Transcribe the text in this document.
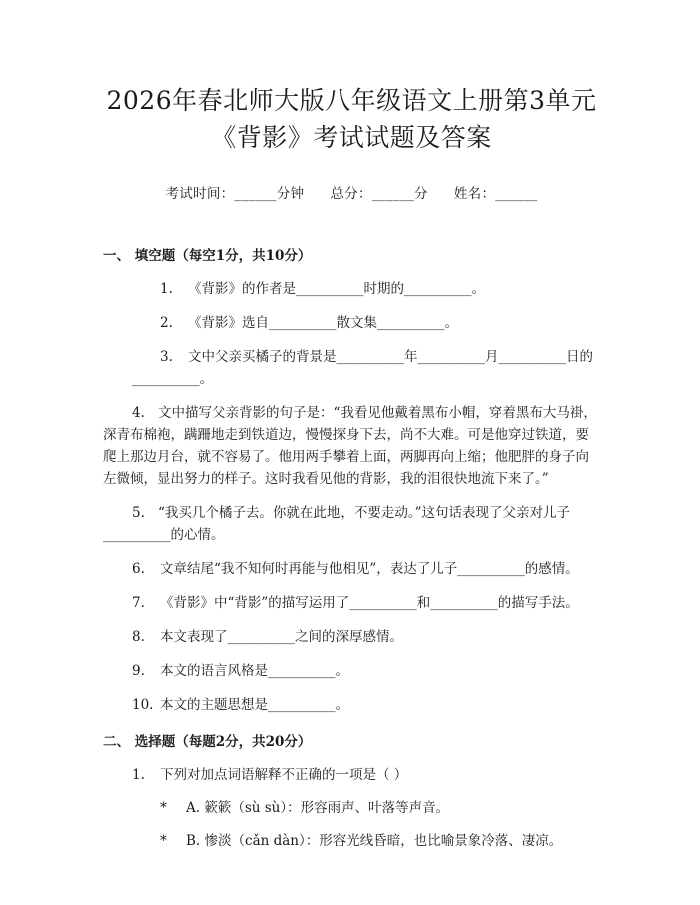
2026年春北师大版八年级语文上册第3单元
《背影》考试试题及答案
考试时间：______分钟 总分：______分 姓名：______
一、 填空题（每空1分，共10分）
1. 《背影》的作者是__________时期的__________。
2. 《背影》选自__________散文集__________。
3. 文中父亲买橘子的背景是__________年__________月__________日的__________。
4. 文中描写父亲背影的句子是：“我看见他戴着黑布小帽，穿着黑布大马褂，深青布棉袍，蹒跚地走到铁道边，慢慢探身下去，尚不大难。可是他穿过铁道，要爬上那边月台，就不容易了。他用两手攀着上面，两脚再向上缩；他肥胖的身子向左微倾，显出努力的样子。这时我看见他的背影，我的泪很快地流下来了。”
5. “我买几个橘子去。你就在此地，不要走动。”这句话表现了父亲对儿子__________的心情。
6. 文章结尾“我不知何时再能与他相见”，表达了儿子__________的感情。
7. 《背影》中“背影”的描写运用了__________和__________的描写手法。
8. 本文表现了__________之间的深厚感情。
9. 本文的语言风格是__________。
10. 本文的主题思想是__________。
二、 选择题（每题2分，共20分）
1. 下列对加点词语解释不正确的一项是（ ）
* A. 簌簌（sù sù）：形容雨声、叶落等声音。
* B. 惨淡（cǎn dàn）：形容光线昏暗，也比喻景象冷落、凄凉。
